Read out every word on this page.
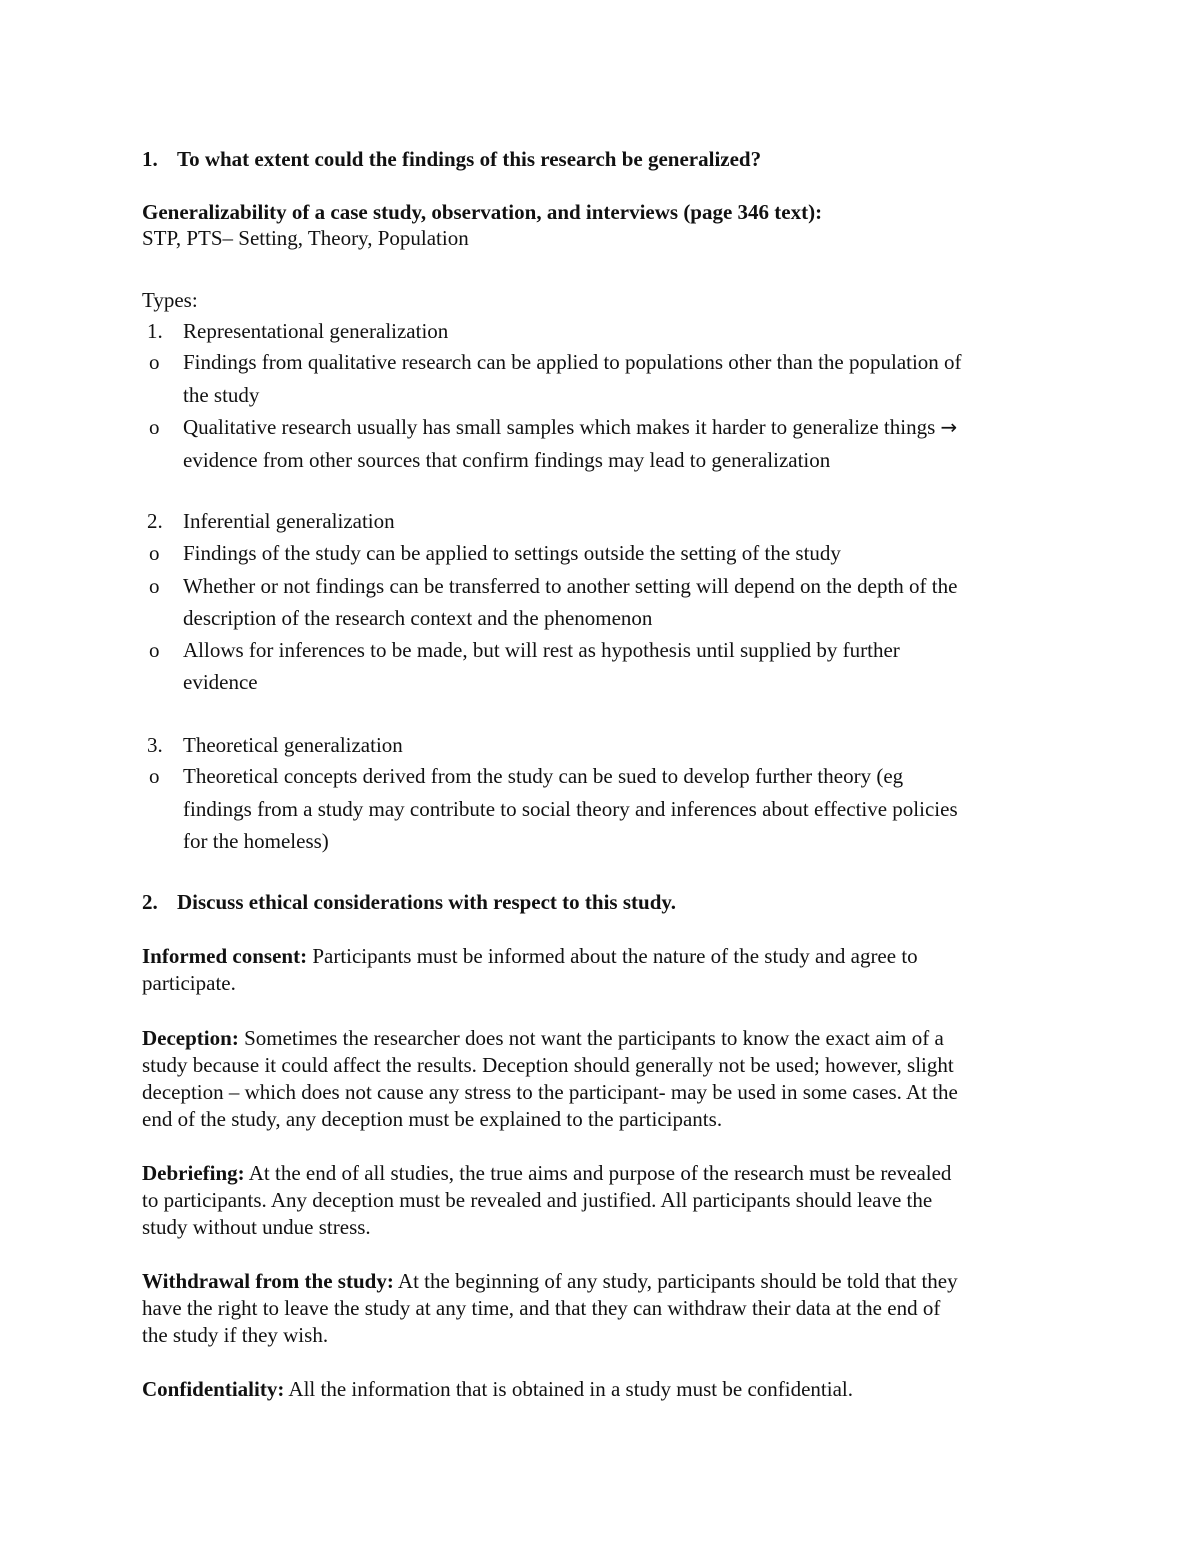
1. To what extent could the findings of this research be generalized?
Generalizability of a case study, observation, and interviews (page 346 text):
STP, PTS– Setting, Theory, Population
Types:
1. Representational generalization
o Findings from qualitative research can be applied to populations other than the population of
the study
o Qualitative research usually has small samples which makes it harder to generalize things →
evidence from other sources that confirm findings may lead to generalization
2. Inferential generalization
o Findings of the study can be applied to settings outside the setting of the study
o Whether or not findings can be transferred to another setting will depend on the depth of the
description of the research context and the phenomenon
o Allows for inferences to be made, but will rest as hypothesis until supplied by further
evidence
3. Theoretical generalization
o Theoretical concepts derived from the study can be sued to develop further theory (eg
findings from a study may contribute to social theory and inferences about effective policies
for the homeless)
2. Discuss ethical considerations with respect to this study.
Informed consent: Participants must be informed about the nature of the study and agree to
participate.
Deception: Sometimes the researcher does not want the participants to know the exact aim of a
study because it could affect the results. Deception should generally not be used; however, slight
deception – which does not cause any stress to the participant- may be used in some cases. At the
end of the study, any deception must be explained to the participants.
Debriefing: At the end of all studies, the true aims and purpose of the research must be revealed
to participants. Any deception must be revealed and justified. All participants should leave the
study without undue stress.
Withdrawal from the study: At the beginning of any study, participants should be told that they
have the right to leave the study at any time, and that they can withdraw their data at the end of
the study if they wish.
Confidentiality: All the information that is obtained in a study must be confidential.
